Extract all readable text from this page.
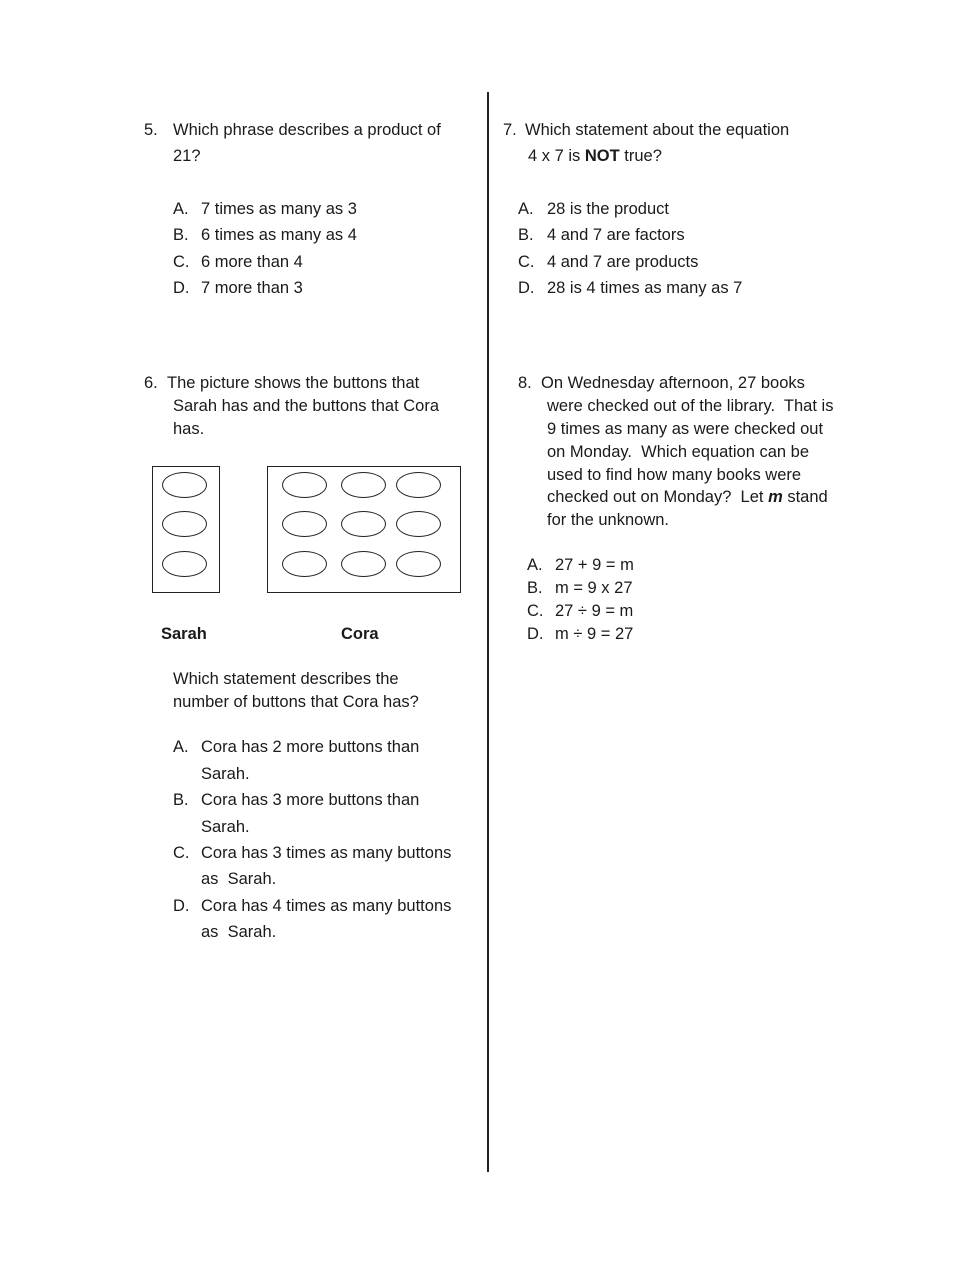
5. Which phrase describes a product of
21?
A. 7 times as many as 3
B. 6 times as many as 4
C. 6 more than 4
D. 7 more than 3
6. The picture shows the buttons that
Sarah has and the buttons that Cora
has.
Sarah	Cora
Which statement describes the
number of buttons that Cora has?
A. Cora has 2 more buttons than
Sarah.
B. Cora has 3 more buttons than
Sarah.
C. Cora has 3 times as many buttons
as  Sarah.
D. Cora has 4 times as many buttons
as  Sarah.
7. Which statement about the equation
4 x 7 is NOT true?
A. 28 is the product
B. 4 and 7 are factors
C. 4 and 7 are products
D. 28 is 4 times as many as 7
8. On Wednesday afternoon, 27 books
were checked out of the library.  That is
9 times as many as were checked out
on Monday.  Which equation can be
used to find how many books were
checked out on Monday?  Let m stand
for the unknown.
A. 27 + 9 = m
B. m = 9 x 27
C. 27 ÷ 9 = m
D. m ÷ 9 = 27
